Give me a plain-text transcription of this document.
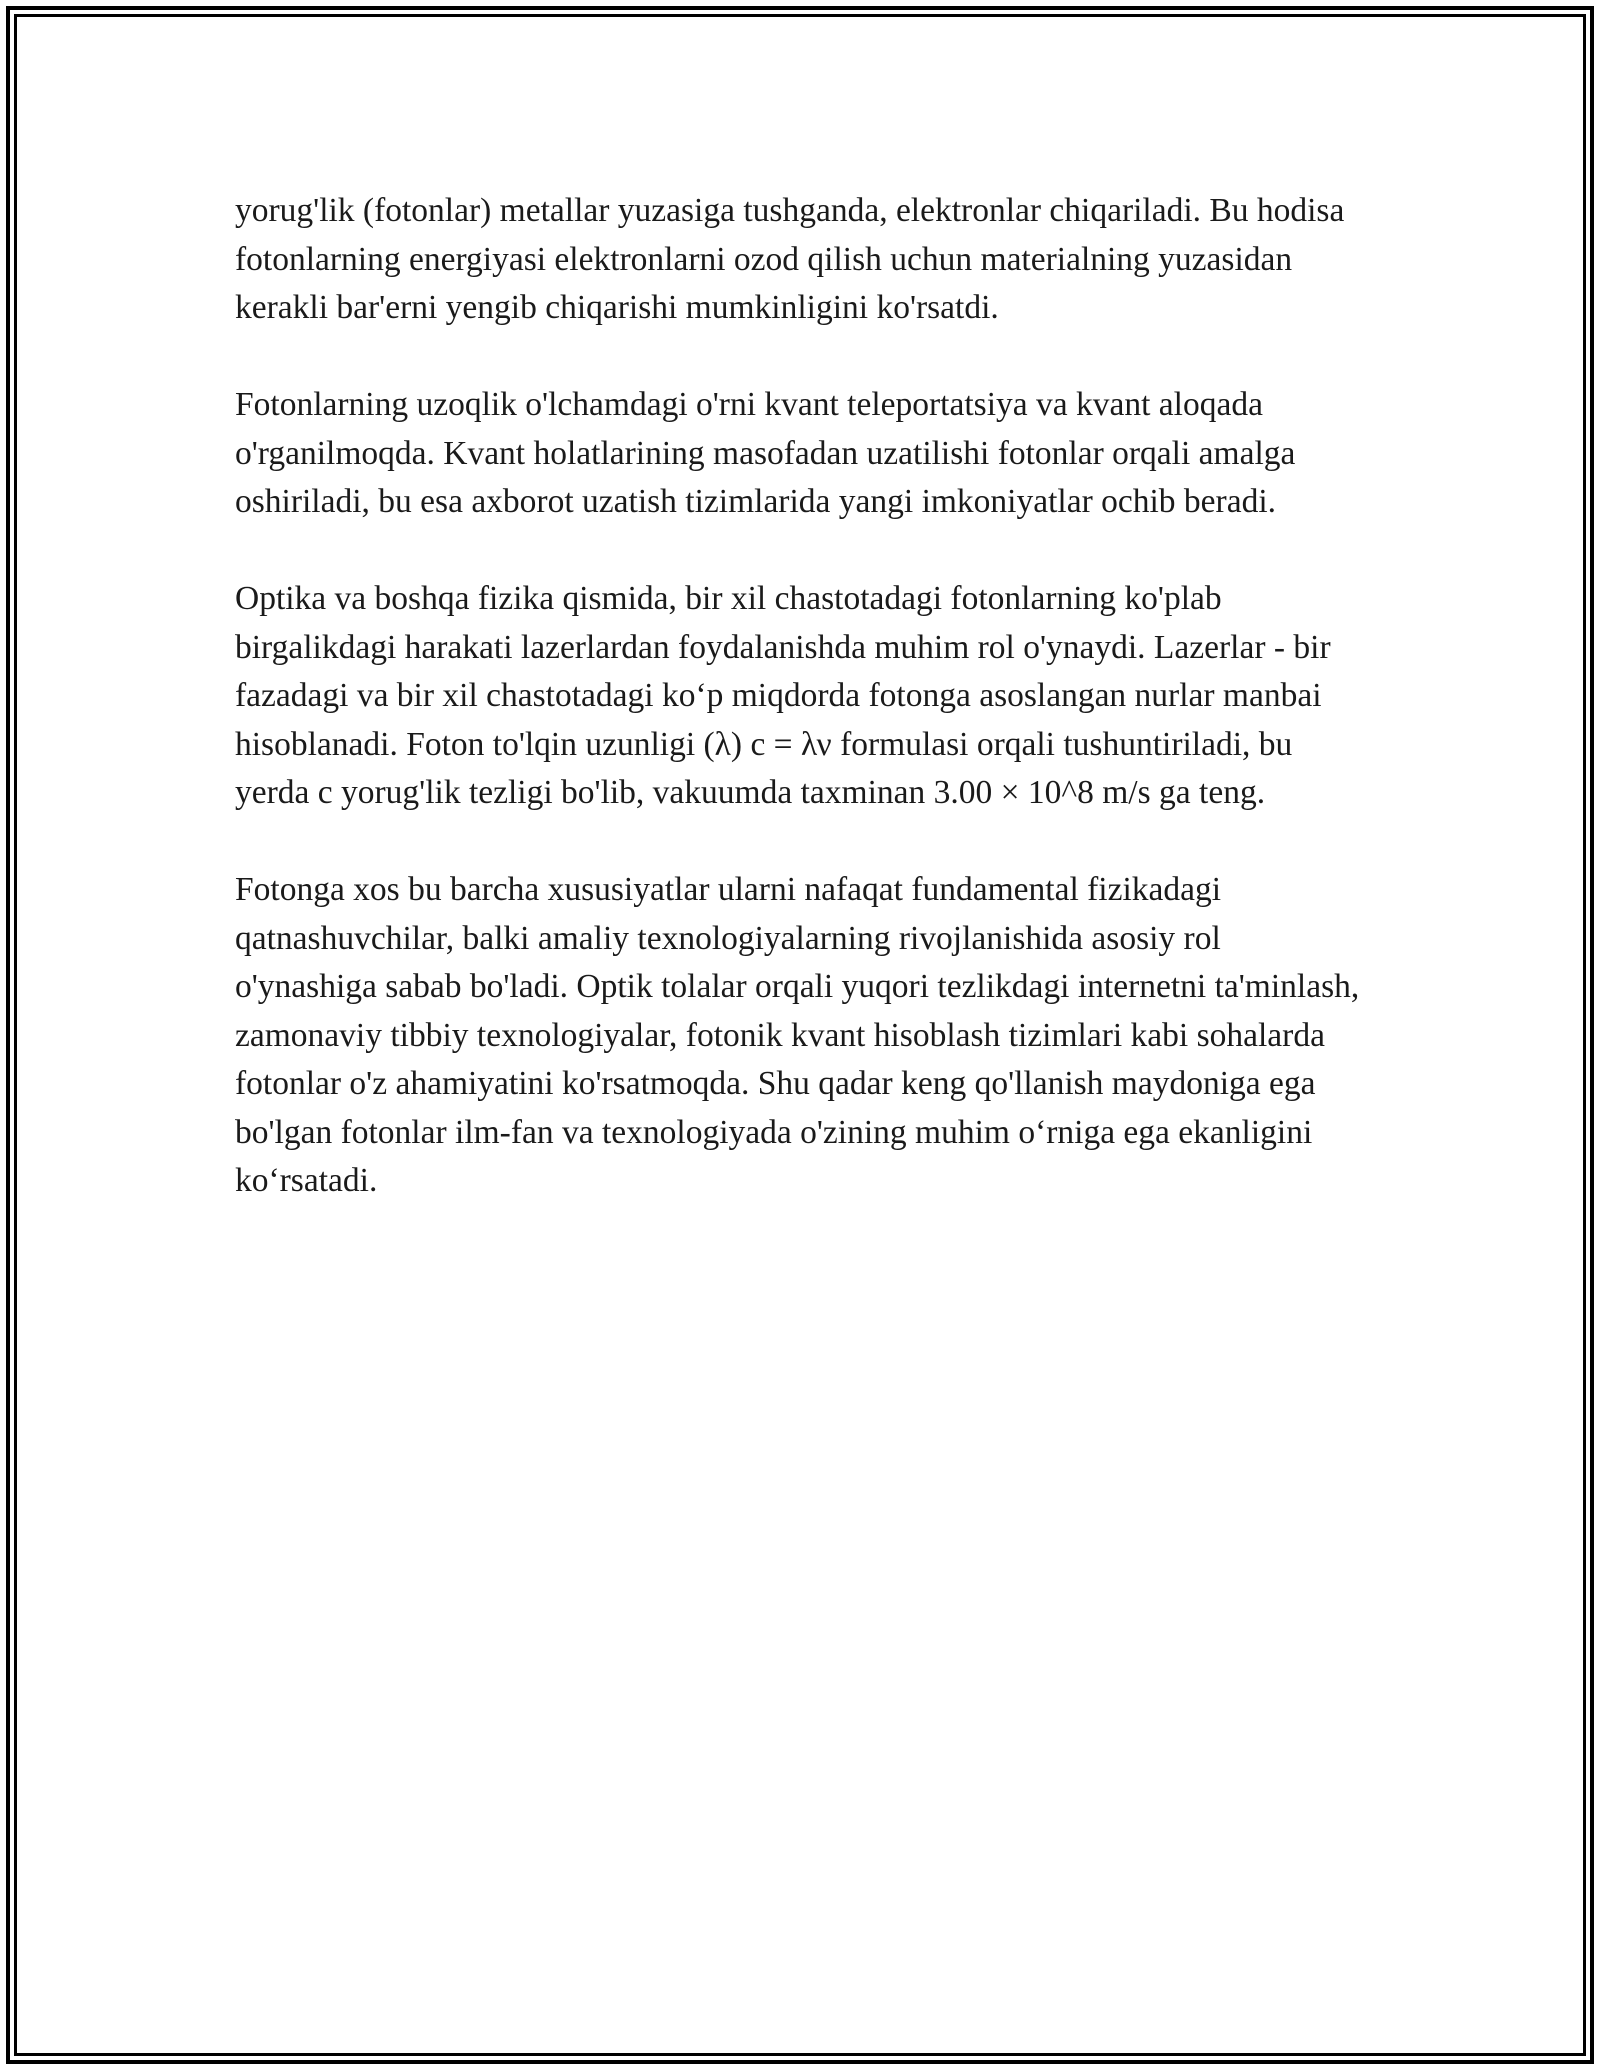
yorug'lik (fotonlar) metallar yuzasiga tushganda, elektronlar chiqariladi. Bu hodisa fotonlarning energiyasi elektronlarni ozod qilish uchun materialning yuzasidan kerakli bar'erni yengib chiqarishi mumkinligini ko'rsatdi.

Fotonlarning uzoqlik o'lchamdagi o'rni kvant teleportatsiya va kvant aloqada o'rganilmoqda. Kvant holatlarining masofadan uzatilishi fotonlar orqali amalga oshiriladi, bu esa axborot uzatish tizimlarida yangi imkoniyatlar ochib beradi.

Optika va boshqa fizika qismida, bir xil chastotadagi fotonlarning ko'plab birgalikdagi harakati lazerlardan foydalanishda muhim rol o'ynaydi. Lazerlar - bir fazadagi va bir xil chastotadagi ko‘p miqdorda fotonga asoslangan nurlar manbai hisoblanadi. Foton to'lqin uzunligi (λ) c = λν formulasi orqali tushuntiriladi, bu yerda c yorug'lik tezligi bo'lib, vakuumda taxminan 3.00 × 10^8 m/s ga teng.

Fotonga xos bu barcha xususiyatlar ularni nafaqat fundamental fizikadagi qatnashuvchilar, balki amaliy texnologiyalarning rivojlanishida asosiy rol o'ynashiga sabab bo'ladi. Optik tolalar orqali yuqori tezlikdagi internetni ta'minlash, zamonaviy tibbiy texnologiyalar, fotonik kvant hisoblash tizimlari kabi sohalarda fotonlar o'z ahamiyatini ko'rsatmoqda. Shu qadar keng qo'llanish maydoniga ega bo'lgan fotonlar ilm-fan va texnologiyada o'zining muhim o‘rniga ega ekanligini ko‘rsatadi.
